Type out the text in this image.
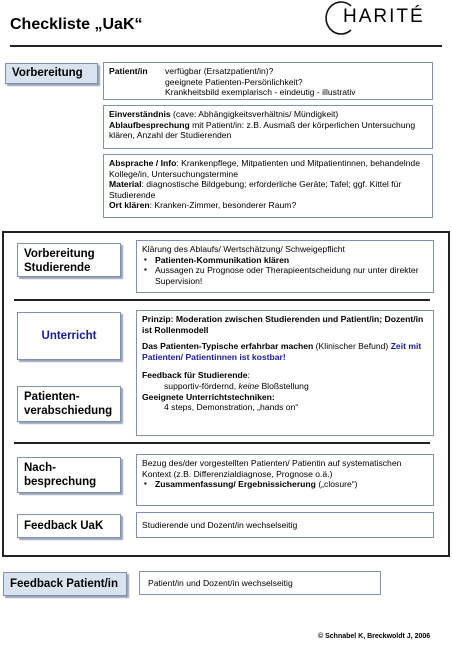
Checkliste „UaK“	HARITÉ
Vorbereitung	Patient/in	verfügbar (Ersatzpatient/in)?
geeignete Patienten-Persönlichkeit?
Krankheitsbild exemplarisch - eindeutig - illustrativ
Einverständnis (cave: Abhängigkeitsverhältnis/ Mündigkeit)
Ablaufbesprechung mit Patient/in: z.B. Ausmaß der körperlichen Untersuchung klären, Anzahl der Studierenden
Absprache / Info: Krankenpflege, Mitpatienten und Mitpatientinnen, behandelnde Kollege/in, Untersuchungstermine
Material: diagnostische Bildgebung; erforderliche Geräte; Tafel; ggf. Kittel für Studierende
Ort klären: Kranken-Zimmer, besonderer Raum?
Vorbereitung
Studierende
Klärung des Ablaufs/ Wertschätzung/ Schweigepflicht
▪ Patienten-Kommunikation klären
▪ Aussagen zu Prognose oder Therapieentscheidung nur unter direkter Supervision!
Unterricht
Patienten-
verabschiedung
Prinzip: Moderation zwischen Studierenden und Patient/in; Dozent/in ist Rollenmodell
Das Patienten-Typische erfahrbar machen (Klinischer Befund) Zeit mit Patienten/ Patientinnen ist kostbar!
Feedback für Studierende:
supportiv-fördernd, keine Bloßstellung
Geeignete Unterrichtstechniken:
4 steps, Demonstration, „hands on“
Nach-
besprechung
Bezug des/der vorgestellten Patienten/ Patientin auf systematischen Kontext (z.B. Differenzialdiagnose, Prognose o.ä.)
▪ Zusammenfassung/ Ergebnissicherung („closure“)
Feedback UaK	Studierende und Dozent/in wechselseitig
Feedback Patient/in	Patient/in und Dozent/in wechselseitig
© Schnabel K, Breckwoldt J, 2006
